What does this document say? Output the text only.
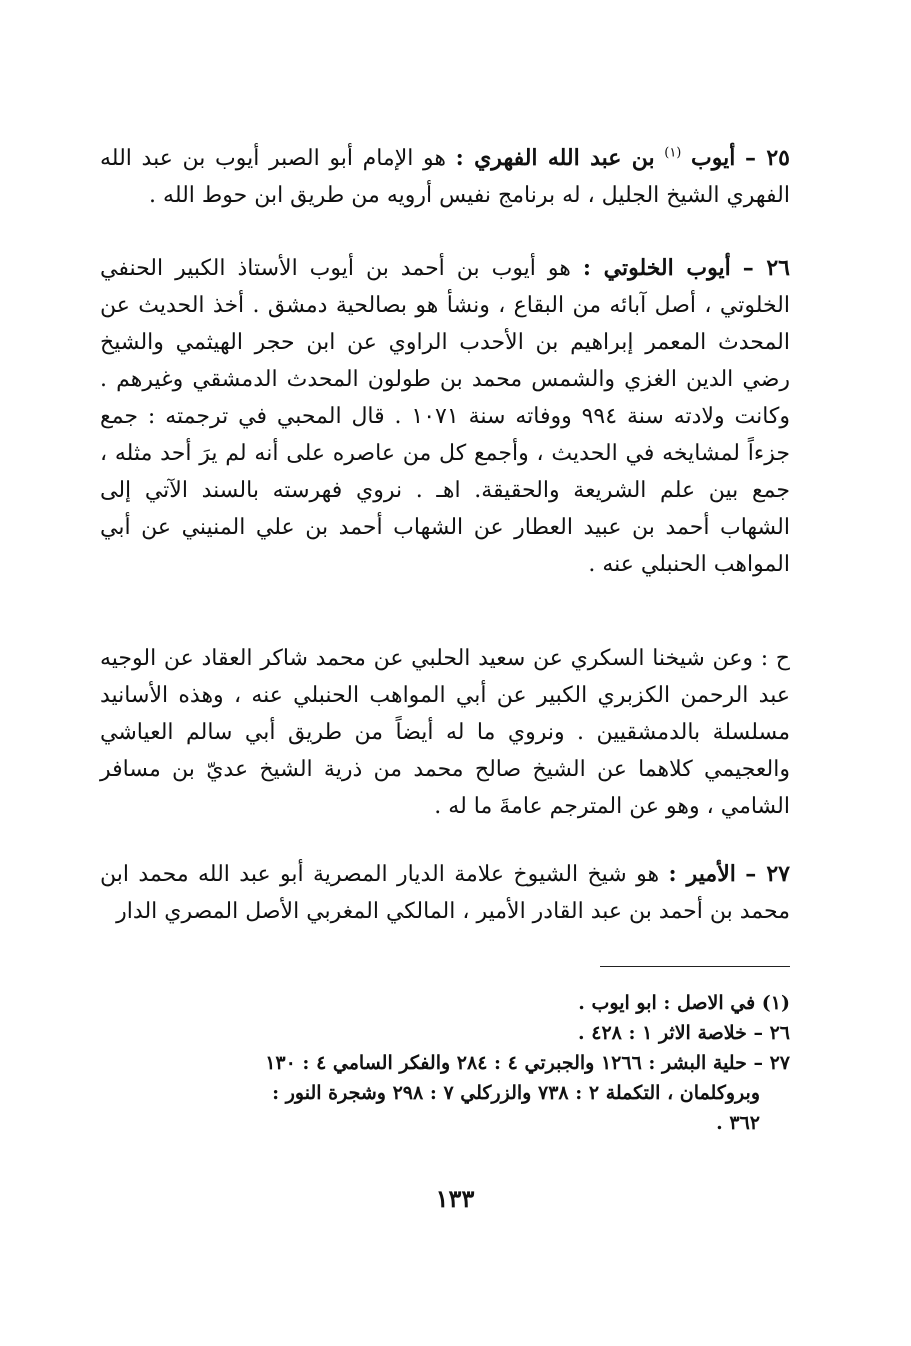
٢٥ – أيوب $^{(١)}$ بن عبد الله الفهري : هو الإمام أبو الصبر أيوب بن عبد الله الفهري الشيخ الجليل ، له برنامج نفيس أرويه من طريق ابن حوط الله .

٢٦ – أيوب الخلوتي : هو أيوب بن أحمد بن أيوب الأستاذ الكبير الحنفي الخلوتي ، أصل آبائه من البقاع ، ونشأ هو بصالحية دمشق . أخذ الحديث عن المحدث المعمر إبراهيم بن الأحدب الراوي عن ابن حجر الهيثمي والشيخ رضي الدين الغزي والشمس محمد بن طولون المحدث الدمشقي وغيرهم . وكانت ولادته سنة ٩٩٤ ووفاته سنة ١٠٧١ . قال المحبي في ترجمته : جمع جزءاً لمشايخه في الحديث ، وأجمع كل من عاصره على أنه لم يرَ أحد مثله ، جمع بين علم الشريعة والحقيقة. اهـ . نروي فهرسته بالسند الآتي إلى الشهاب أحمد بن عبيد العطار عن الشهاب أحمد بن علي المنيني عن أبي المواهب الحنبلي عنه .

ح : وعن شيخنا السكري عن سعيد الحلبي عن محمد شاكر العقاد عن الوجيه عبد الرحمن الكزبري الكبير عن أبي المواهب الحنبلي عنه ، وهذه الأسانيد مسلسلة بالدمشقيين . ونروي ما له أيضاً من طريق أبي سالم العياشي والعجيمي كلاهما عن الشيخ صالح محمد من ذرية الشيخ عديّ بن مسافر الشامي ، وهو عن المترجم عامةَ ما له .

٢٧ – الأمير : هو شيخ الشيوخ علامة الديار المصرية أبو عبد الله محمد ابن محمد بن أحمد بن عبد القادر الأمير ، المالكي المغربي الأصل المصري الدار

(١) في الاصل : ابو ايوب .
٢٦ – خلاصة الاثر ١ : ٤٢٨ .
٢٧ – حلية البشر : ١٢٦٦ والجبرتي ٤ : ٢٨٤ والفكر السامي ٤ : ١٣٠
وبروكلمان ، التكملة ٢ : ٧٣٨ والزركلي ٧ : ٢٩٨ وشجرة النور :
٣٦٢ .
١٣٣
